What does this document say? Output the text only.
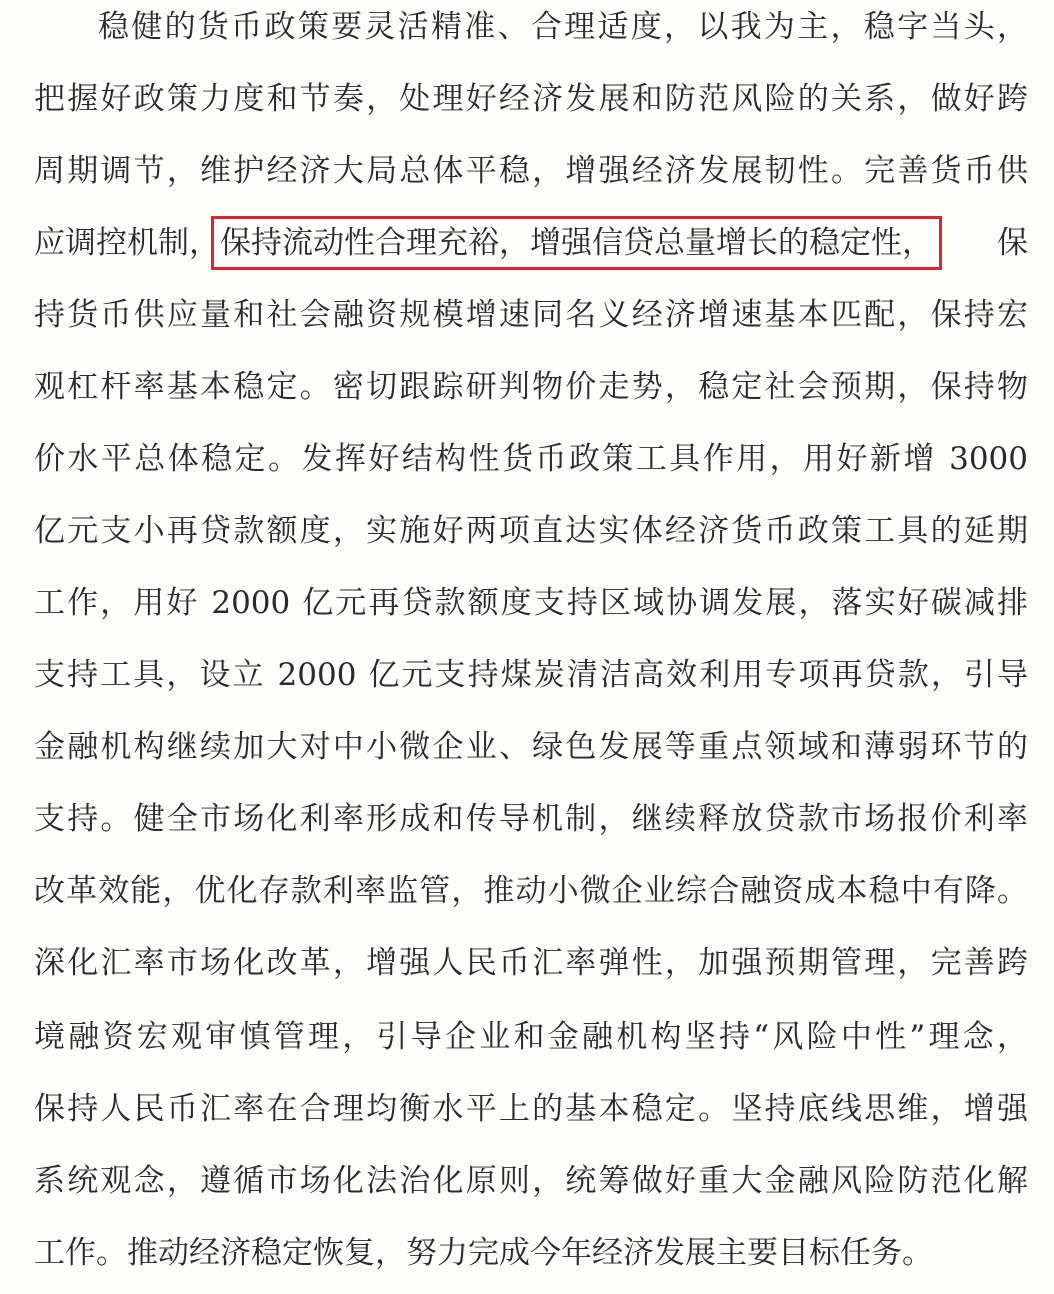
稳健的货币政策要灵活精准、合理适度，以我为主，稳字当头，
把握好政策力度和节奏，处理好经济发展和防范风险的关系，做好跨
周期调节，维护经济大局总体平稳，增强经济发展韧性。完善货币供
应调控机制，保持流动性合理充裕，增强信贷总量增长的稳定性， 保
持货币供应量和社会融资规模增速同名义经济增速基本匹配，保持宏
观杠杆率基本稳定。密切跟踪研判物价走势，稳定社会预期，保持物
价水平总体稳定。发挥好结构性货币政策工具作用，用好新增 3000
亿元支小再贷款额度，实施好两项直达实体经济货币政策工具的延期
工作，用好 2000 亿元再贷款额度支持区域协调发展，落实好碳减排
支持工具，设立 2000 亿元支持煤炭清洁高效利用专项再贷款，引导
金融机构继续加大对中小微企业、绿色发展等重点领域和薄弱环节的
支持。健全市场化利率形成和传导机制，继续释放贷款市场报价利率
改革效能，优化存款利率监管，推动小微企业综合融资成本稳中有降。
深化汇率市场化改革，增强人民币汇率弹性，加强预期管理，完善跨
境融资宏观审慎管理，引导企业和金融机构坚持“风险中性”理念，
保持人民币汇率在合理均衡水平上的基本稳定。坚持底线思维，增强
系统观念，遵循市场化法治化原则，统筹做好重大金融风险防范化解
工作。推动经济稳定恢复，努力完成今年经济发展主要目标任务。
